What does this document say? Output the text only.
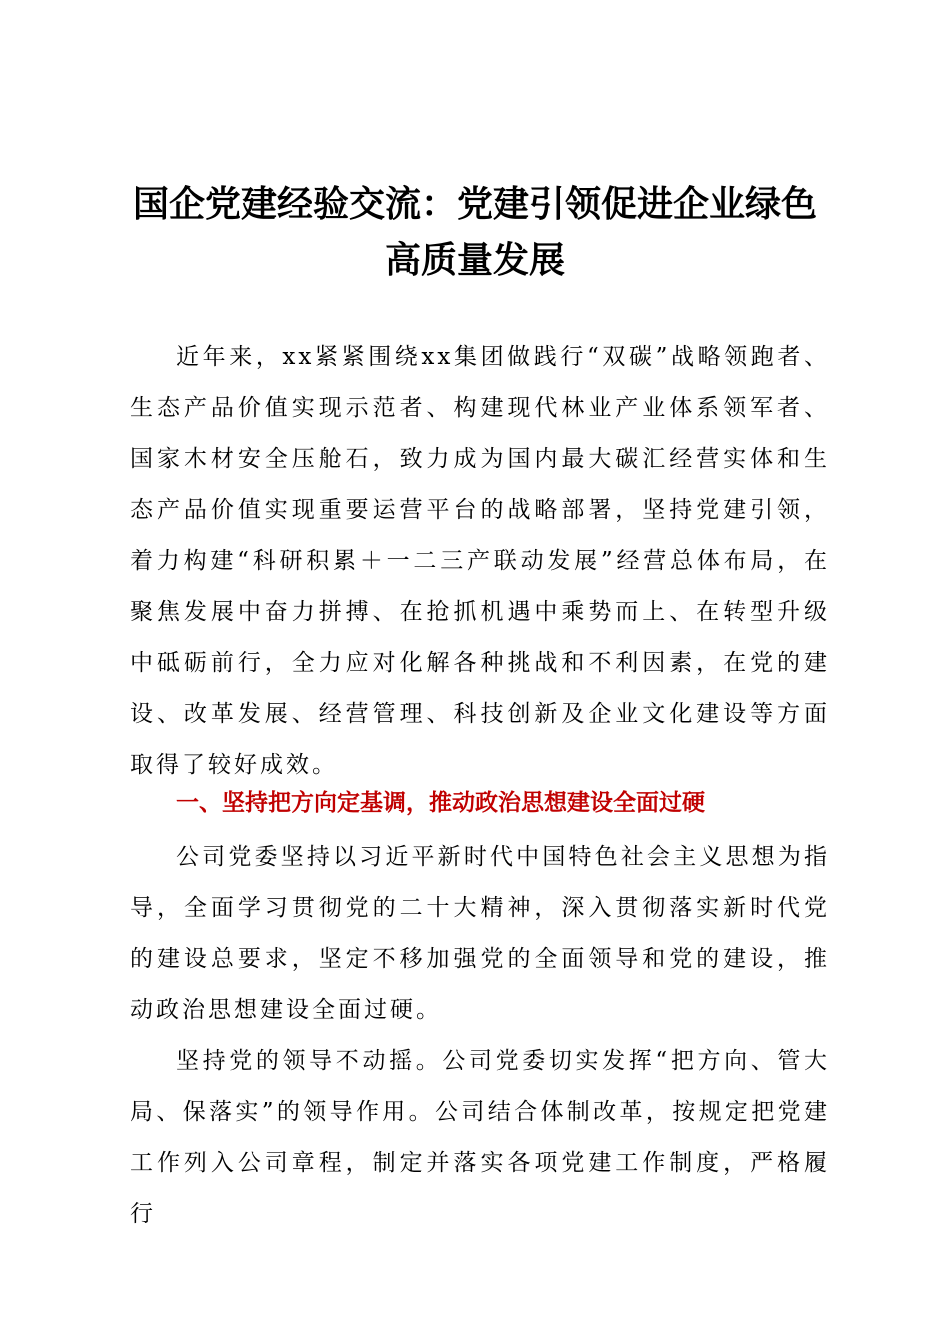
国企党建经验交流：党建引领促进企业绿色高质量发展

近年来，xx紧紧围绕xx集团做践行“双碳”战略领跑者、生态产品价值实现示范者、构建现代林业产业体系领军者、国家木材安全压舱石，致力成为国内最大碳汇经营实体和生态产品价值实现重要运营平台的战略部署，坚持党建引领，着力构建“科研积累＋一二三产联动发展”经营总体布局，在聚焦发展中奋力拼搏、在抢抓机遇中乘势而上、在转型升级中砥砺前行，全力应对化解各种挑战和不利因素，在党的建设、改革发展、经营管理、科技创新及企业文化建设等方面取得了较好成效。

一、坚持把方向定基调，推动政治思想建设全面过硬

公司党委坚持以习近平新时代中国特色社会主义思想为指导，全面学习贯彻党的二十大精神，深入贯彻落实新时代党的建设总要求，坚定不移加强党的全面领导和党的建设，推动政治思想建设全面过硬。

坚持党的领导不动摇。公司党委切实发挥“把方向、管大局、保落实”的领导作用。公司结合体制改革，按规定把党建工作列入公司章程，制定并落实各项党建工作制度，严格履行
